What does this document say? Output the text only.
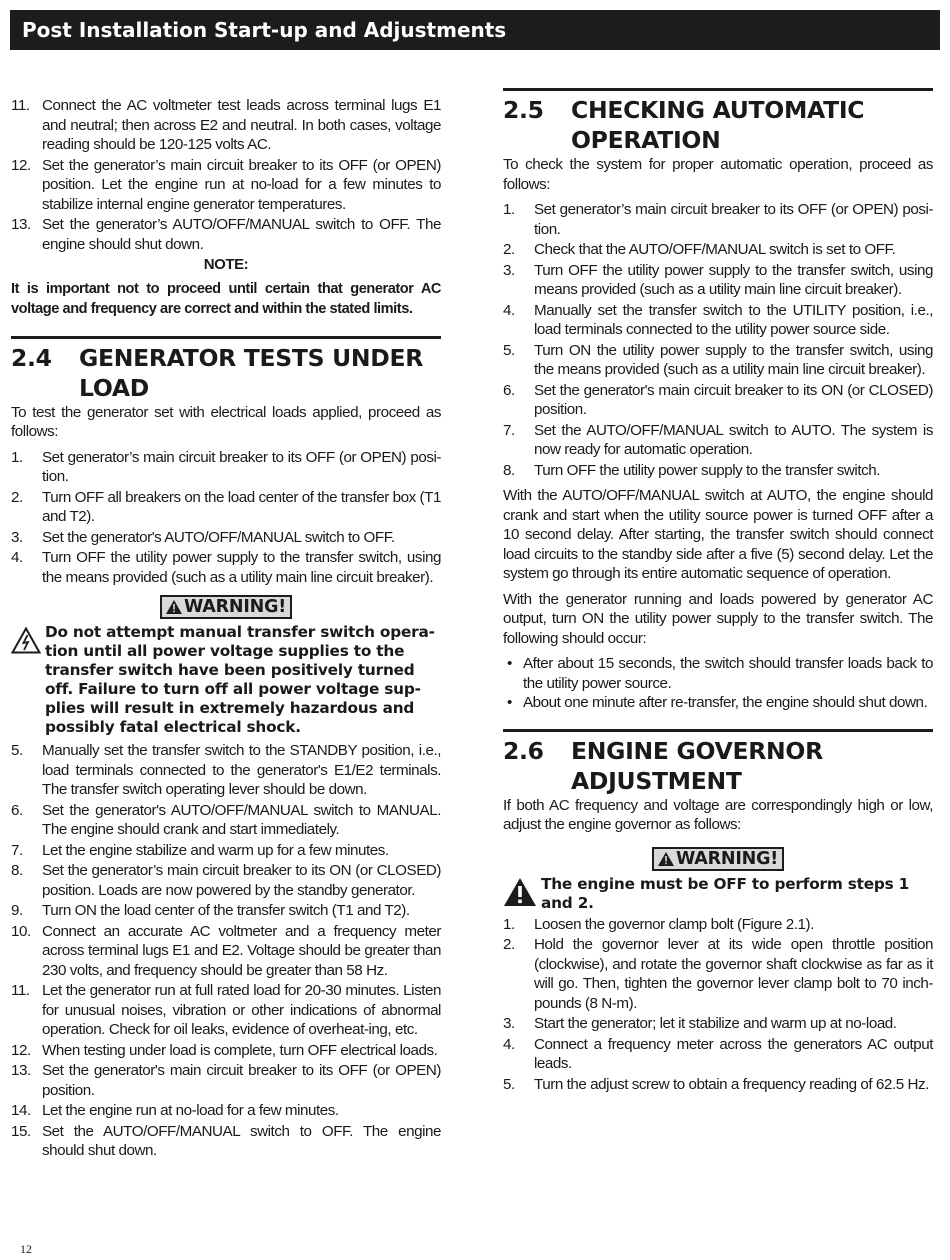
Post Installation Start-up and Adjustments
11. Connect the AC voltmeter test leads across terminal lugs E1 and neutral; then across E2 and neutral. In both cases, voltage reading should be 120-125 volts AC.
12. Set the generator’s main circuit breaker to its OFF (or OPEN) position. Let the engine run at no-load for a few minutes to stabilize internal engine generator temperatures.
13. Set the generator’s AUTO/OFF/MANUAL switch to OFF. The engine should shut down.
NOTE:
It is important not to proceed until certain that generator AC voltage and frequency are correct and within the stated limits.
2.4	GENERATOR TESTS UNDER LOAD
To test the generator set with electrical loads applied, proceed as follows:
1.	Set generator’s main circuit breaker to its OFF (or OPEN) posi-tion.
2.	Turn OFF all breakers on the load center of the transfer box (T1 and T2).
3.	Set the generator's AUTO/OFF/MANUAL switch to OFF.
4.	Turn OFF the utility power supply to the transfer switch, using the means provided (such as a utility main line circuit breaker).
WARNING!
Do not attempt manual transfer switch opera-tion until all power voltage supplies to the transfer switch have been positively turned off. Failure to turn off all power voltage sup-plies will result in extremely hazardous and possibly fatal electrical shock.
5.	Manually set the transfer switch to the STANDBY position, i.e., load terminals connected to the generator's E1/E2 terminals. The transfer switch operating lever should be down.
6.	Set the generator's AUTO/OFF/MANUAL switch to MANUAL. The engine should crank and start immediately.
7.	Let the engine stabilize and warm up for a few minutes.
8.	Set the generator’s main circuit breaker to its ON (or CLOSED) position. Loads are now powered by the standby generator.
9.	Turn ON the load center of the transfer switch (T1 and T2).
10. Connect an accurate AC voltmeter and a frequency meter across terminal lugs E1 and E2. Voltage should be greater than 230 volts, and frequency should be greater than 58 Hz.
11. Let the generator run at full rated load for 20-30 minutes. Listen for unusual noises, vibration or other indications of abnormal operation. Check for oil leaks, evidence of overheat-ing, etc.
12. When testing under load is complete, turn OFF electrical loads.
13. Set the generator's main circuit breaker to its OFF (or OPEN) position.
14. Let the engine run at no-load for a few minutes.
15. Set the AUTO/OFF/MANUAL switch to OFF. The engine should shut down.
2.5	CHECKING AUTOMATIC OPERATION
To check the system for proper automatic operation, proceed as follows:
1.	Set generator’s main circuit breaker to its OFF (or OPEN) posi-tion.
2.	Check that the AUTO/OFF/MANUAL switch is set to OFF.
3.	Turn OFF the utility power supply to the transfer switch, using means provided (such as a utility main line circuit breaker).
4.	Manually set the transfer switch to the UTILITY position, i.e., load terminals connected to the utility power source side.
5.	Turn ON the utility power supply to the transfer switch, using the means provided (such as a utility main line circuit breaker).
6.	Set the generator's main circuit breaker to its ON (or CLOSED) position.
7.	Set the AUTO/OFF/MANUAL switch to AUTO. The system is now ready for automatic operation.
8.	Turn OFF the utility power supply to the transfer switch.
With the AUTO/OFF/MANUAL switch at AUTO, the engine should crank and start when the utility source power is turned OFF after a 10 second delay. After starting, the transfer switch should connect load circuits to the standby side after a five (5) second delay. Let the system go through its entire automatic sequence of operation.
With the generator running and loads powered by generator AC output, turn ON the utility power supply to the transfer switch. The following should occur:
• After about 15 seconds, the switch should transfer loads back to the utility power source.
• About one minute after re-transfer, the engine should shut down.
2.6	ENGINE GOVERNOR ADJUSTMENT
If both AC frequency and voltage are correspondingly high or low, adjust the engine governor as follows:
WARNING!
The engine must be OFF to perform steps 1 and 2.
1.	Loosen the governor clamp bolt (Figure 2.1).
2.	Hold the governor lever at its wide open throttle position (clockwise), and rotate the governor shaft clockwise as far as it will go. Then, tighten the governor lever clamp bolt to 70 inch-pounds (8 N-m).
3.	Start the generator; let it stabilize and warm up at no-load.
4.	Connect a frequency meter across the generators AC output leads.
5.	Turn the adjust screw to obtain a frequency reading of 62.5 Hz.
12
